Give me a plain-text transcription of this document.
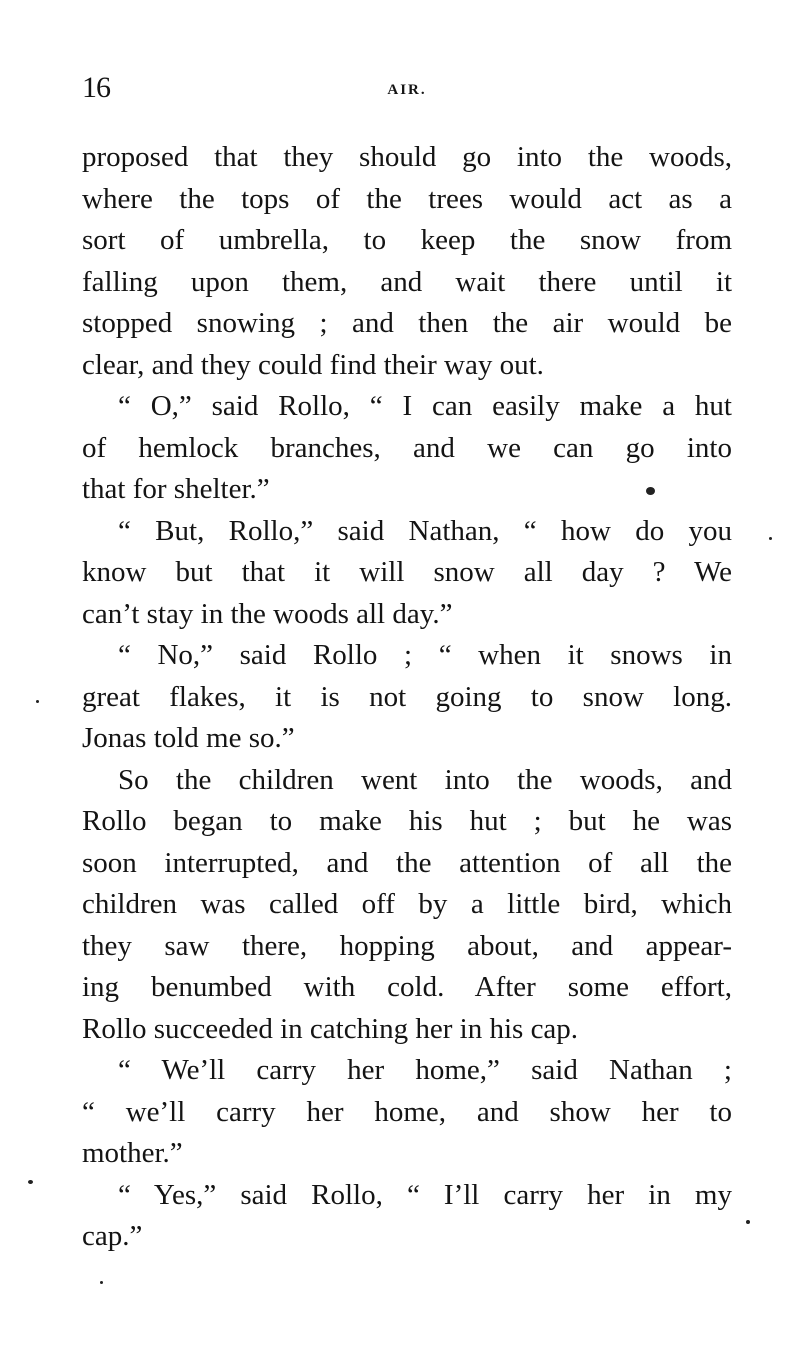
16	AIR.
proposed that they should go into the woods,
where the tops of the trees would act as a
sort of umbrella, to keep the snow from
falling upon them, and wait there until it
stopped snowing ; and then the air would be
clear, and they could find their way out.
“ O,” said Rollo, “ I can easily make a hut
of hemlock branches, and we can go into
that for shelter.”
“ But, Rollo,” said Nathan, “ how do you
know but that it will snow all day ? We
can’t stay in the woods all day.”
“ No,” said Rollo ; “ when it snows in
great flakes, it is not going to snow long.
Jonas told me so.”
So the children went into the woods, and
Rollo began to make his hut ; but he was
soon interrupted, and the attention of all the
children was called off by a little bird, which
they saw there, hopping about, and appear-
ing benumbed with cold. After some effort,
Rollo succeeded in catching her in his cap.
“ We’ll carry her home,” said Nathan ;
“ we’ll carry her home, and show her to
mother.”
“ Yes,” said Rollo, “ I’ll carry her in my
cap.”
